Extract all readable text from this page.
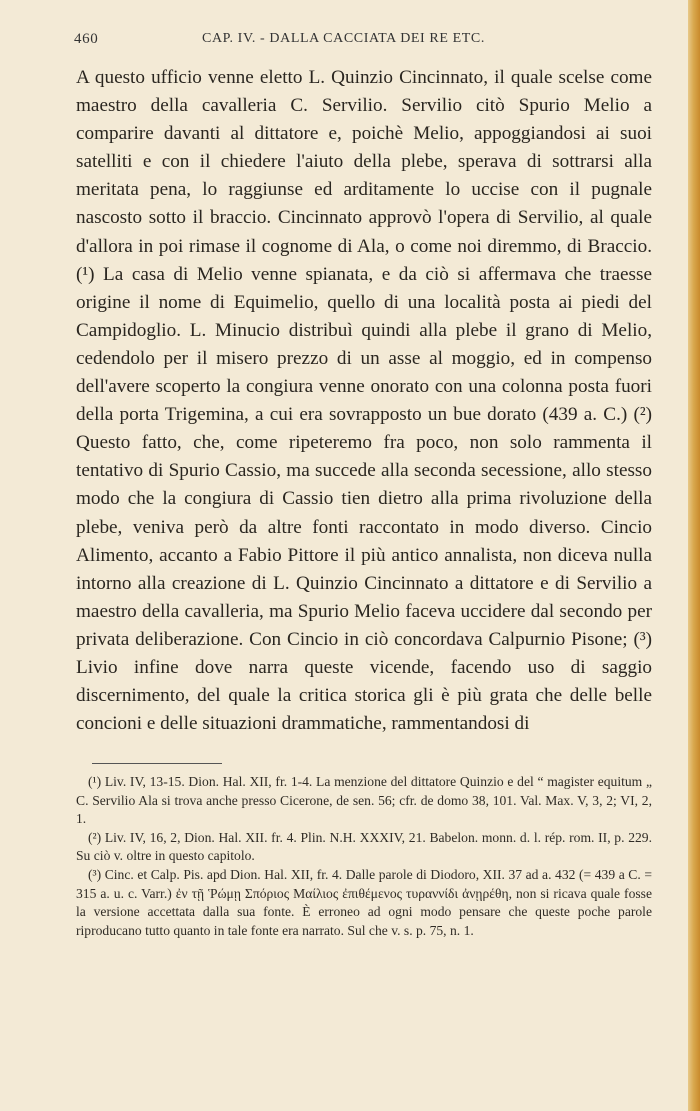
460	CAP. IV. - DALLA CACCIATA DEI RE ETC.

A questo ufficio venne eletto L. Quinzio Cincinnato, il quale scelse come maestro della cavalleria C. Servilio. Servilio citò Spurio Melio a comparire davanti al dittatore e, poichè Melio, appoggiandosi ai suoi satelliti e con il chiedere l'aiuto della plebe, sperava di sottrarsi alla meritata pena, lo raggiunse ed arditamente lo uccise con il pugnale nascosto sotto il braccio. Cincinnato approvò l'opera di Servilio, al quale d'allora in poi rimase il cognome di Ala, o come noi diremmo, di Braccio. (¹) La casa di Melio venne spianata, e da ciò si affermava che traesse origine il nome di Equimelio, quello di una località posta ai piedi del Campidoglio. L. Minucio distribuì quindi alla plebe il grano di Melio, cedendolo per il misero prezzo di un asse al moggio, ed in compenso dell'avere scoperto la congiura venne onorato con una colonna posta fuori della porta Trigemina, a cui era sovrapposto un bue dorato (439 a. C.) (²) Questo fatto, che, come ripeteremo fra poco, non solo rammenta il tentativo di Spurio Cassio, ma succede alla seconda secessione, allo stesso modo che la congiura di Cassio tien dietro alla prima rivoluzione della plebe, veniva però da altre fonti raccontato in modo diverso. Cincio Alimento, accanto a Fabio Pittore il più antico annalista, non diceva nulla intorno alla creazione di L. Quinzio Cincinnato a dittatore e di Servilio a maestro della cavalleria, ma Spurio Melio faceva uccidere dal secondo per privata deliberazione. Con Cincio in ciò concordava Calpurnio Pisone; (³) Livio infine dove narra queste vicende, facendo uso di saggio discernimento, del quale la critica storica gli è più grata che delle belle concioni e delle situazioni drammatiche, rammentandosi di

(¹) Liv. IV, 13-15. Dion. Hal. XII, fr. 1-4. La menzione del dittatore Quinzio e del “ magister equitum „ C. Servilio Ala si trova anche presso Cicerone, de sen. 56; cfr. de domo 38, 101. Val. Max. V, 3, 2; VI, 2, 1.

(²) Liv. IV, 16, 2, Dion. Hal. XII. fr. 4. Plin. N.H. XXXIV, 21. Babelon. monn. d. l. rép. rom. II, p. 229. Su ciò v. oltre in questo capitolo.

(³) Cinc. et Calp. Pis. apd Dion. Hal. XII, fr. 4. Dalle parole di Diodoro, XII. 37 ad a. 432 (= 439 a C. = 315 a. u. c. Varr.) ἐν τῇ Ῥώμῃ Σπόριος Μαίλιος ἐπιθέμενος τυραννίδι ἀνῃρέθη, non si ricava quale fosse la versione accettata dalla sua fonte. È erroneo ad ogni modo pensare che queste poche parole riproducano tutto quanto in tale fonte era narrato. Sul che v. s. p. 75, n. 1.
